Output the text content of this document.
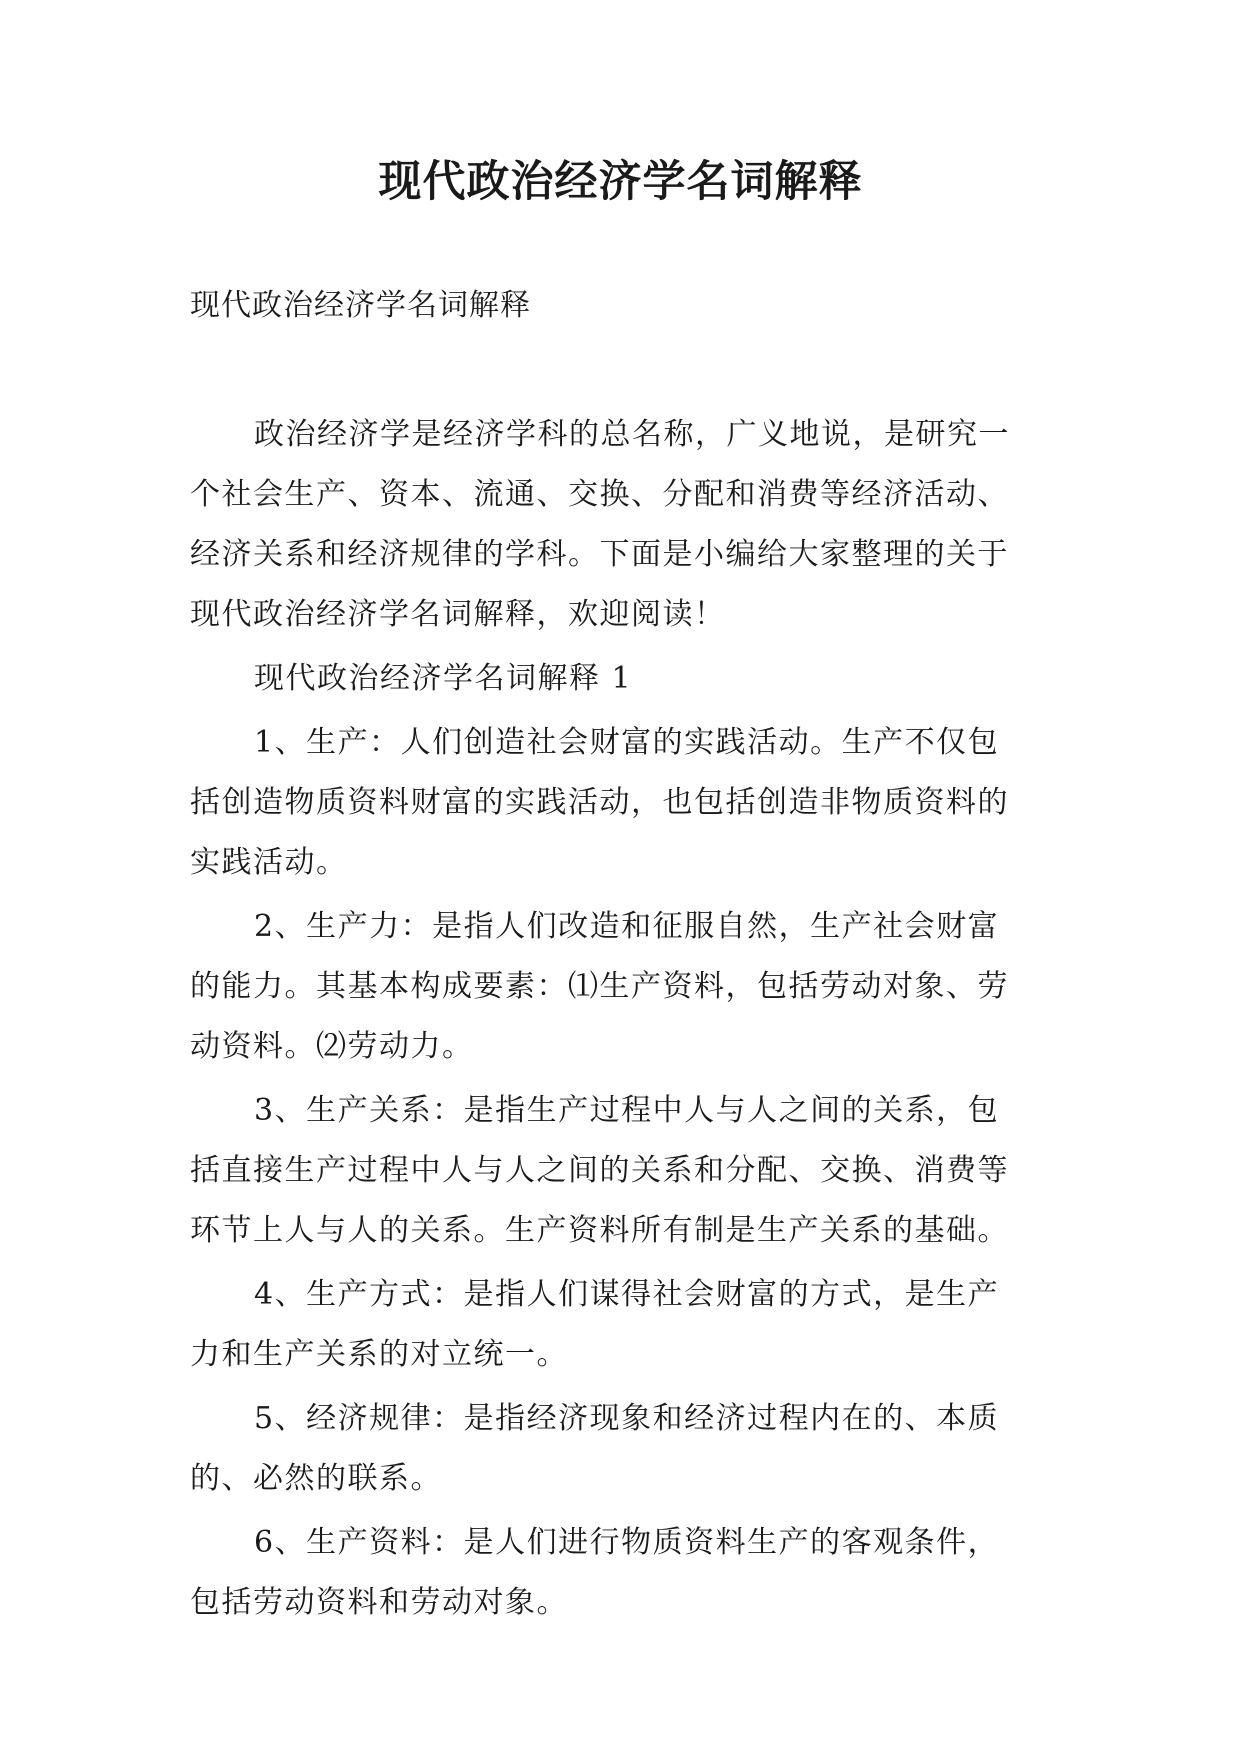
现代政治经济学名词解释

现代政治经济学名词解释

政治经济学是经济学科的总名称，广义地说，是研究一
个社会生产、资本、流通、交换、分配和消费等经济活动、
经济关系和经济规律的学科。下面是小编给大家整理的关于
现代政治经济学名词解释，欢迎阅读！
现代政治经济学名词解释 1
1、生产：人们创造社会财富的实践活动。生产不仅包
括创造物质资料财富的实践活动，也包括创造非物质资料的
实践活动。
2、生产力：是指人们改造和征服自然，生产社会财富
的能力。其基本构成要素：⑴生产资料，包括劳动对象、劳
动资料。⑵劳动力。
3、生产关系：是指生产过程中人与人之间的关系，包
括直接生产过程中人与人之间的关系和分配、交换、消费等
环节上人与人的关系。生产资料所有制是生产关系的基础。
4、生产方式：是指人们谋得社会财富的方式，是生产
力和生产关系的对立统一。
5、经济规律：是指经济现象和经济过程内在的、本质
的、必然的联系。
6、生产资料：是人们进行物质资料生产的客观条件，
包括劳动资料和劳动对象。
